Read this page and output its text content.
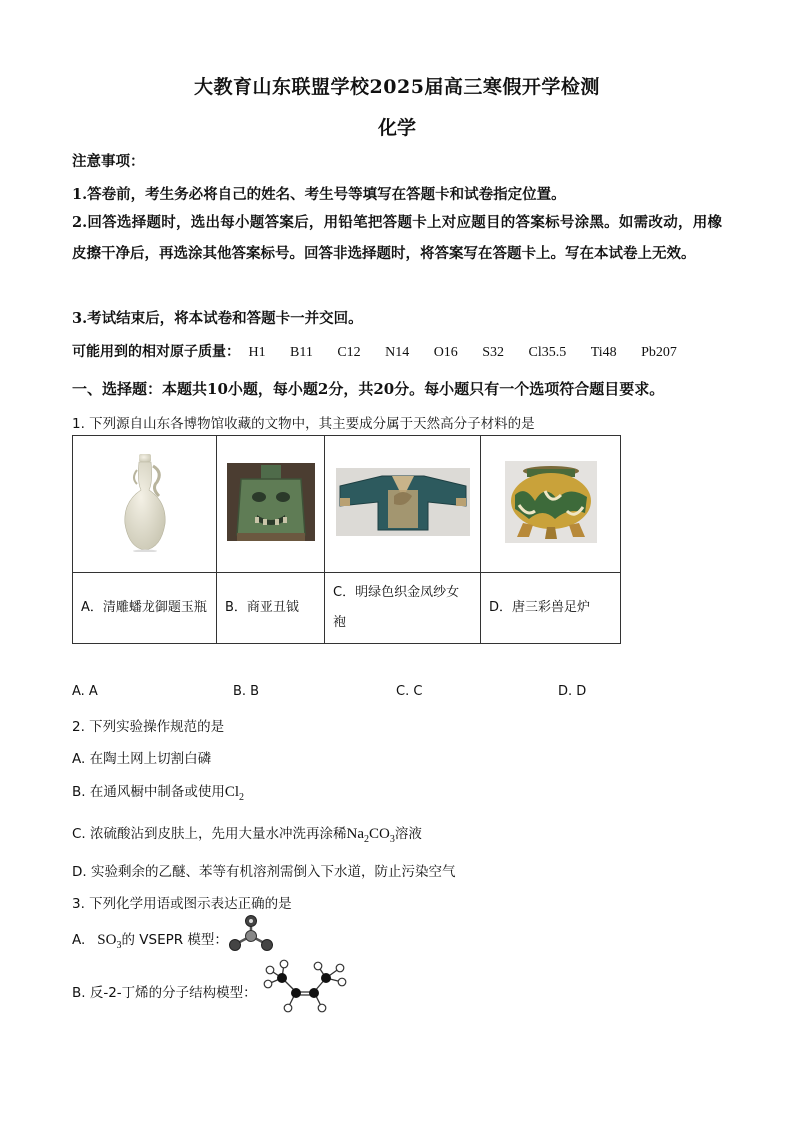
大教育山东联盟学校2025届高三寒假开学检测
化学
注意事项：
1.答卷前，考生务必将自己的姓名、考生号等填写在答题卡和试卷指定位置。
2.回答选择题时，选出每小题答案后，用铅笔把答题卡上对应题目的答案标号涂黑。如需改动，用橡皮擦干净后，再选涂其他答案标号。回答非选择题时，将答案写在答题卡上。写在本试卷上无效。
3.考试结束后，将本试卷和答题卡一并交回。
可能用到的相对原子质量： H1 B11 C12 N14 O16 S32 Cl35.5 Ti48 Pb207
一、选择题：本题共10小题，每小题2分，共20分。每小题只有一个选项符合题目要求。
1. 下列源自山东各博物馆收藏的文物中，其主要成分属于天然高分子材料的是

A．清雕蟠龙御题玉瓶	B．商亚丑钺	C．明绿色织金凤纱女袍	D．唐三彩兽足炉
A. A	B. B	C. C	D. D
2. 下列实验操作规范的是
A. 在陶土网上切割白磷
B. 在通风橱中制备或使用$Cl_2$
C. 浓硫酸沾到皮肤上，先用大量水冲洗再涂稀$Na_2CO_3$溶液
D. 实验剩余的乙醚、苯等有机溶剂需倒入下水道，防止污染空气
3. 下列化学用语或图示表达正确的是
A. $SO_3$的 VSEPR 模型：
B. 反-2-丁烯的分子结构模型：
